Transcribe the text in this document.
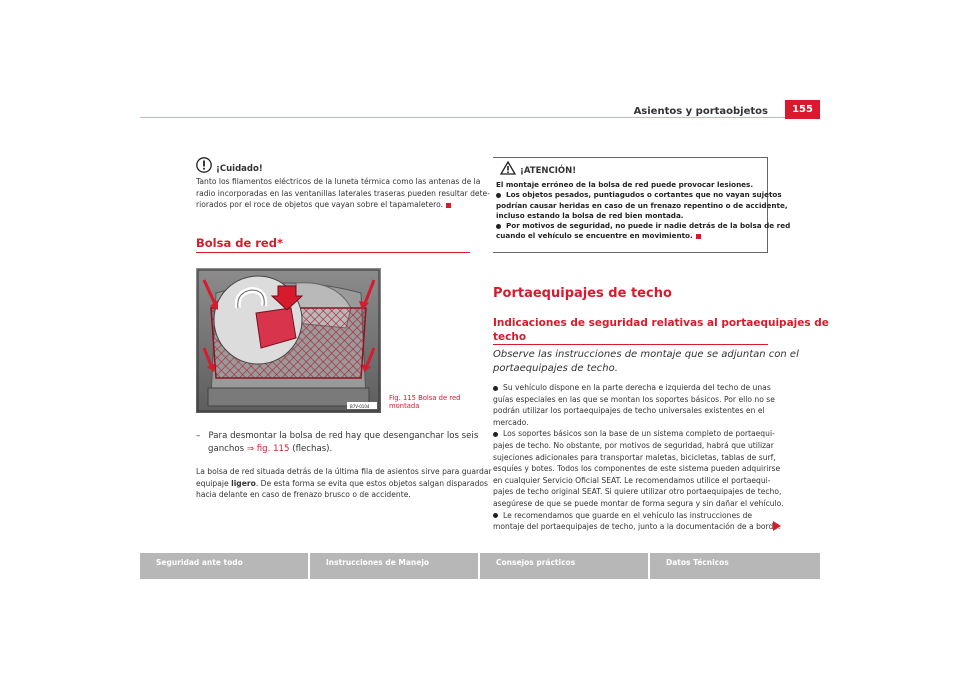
Asientos y portaobjetos	155
¡Cuidado!
Tanto los filamentos eléctricos de la luneta térmica como las antenas de la
radio incorporadas en las ventanillas laterales traseras pueden resultar dete-
riorados por el roce de objetos que vayan sobre el tapamaletero.
Bolsa de red*
B7V-0104
Fig. 115 Bolsa de red
montada
–   Para desmontar la bolsa de red hay que desenganchar los seis
ganchos ⇒ fig. 115 (flechas).
La bolsa de red situada detrás de la última fila de asientos sirve para guardar
equipaje ligero. De esta forma se evita que estos objetos salgan disparados
hacia delante en caso de frenazo brusco o de accidente.
¡ATENCIÓN!
El montaje erróneo de la bolsa de red puede provocar lesiones.
Los objetos pesados, puntiagudos o cortantes que no vayan sujetos
podrían causar heridas en caso de un frenazo repentino o de accidente,
incluso estando la bolsa de red bien montada.
Por motivos de seguridad, no puede ir nadie detrás de la bolsa de red
cuando el vehículo se encuentre en movimiento.
Portaequipajes de techo
Indicaciones de seguridad relativas al portaequipajes de
techo
Observe las instrucciones de montaje que se adjuntan con el
portaequipajes de techo.
Su vehículo dispone en la parte derecha e izquierda del techo de unas
guías especiales en las que se montan los soportes básicos. Por ello no se
podrán utilizar los portaequipajes de techo universales existentes en el
mercado.
Los soportes básicos son la base de un sistema completo de portaequi-
pajes de techo. No obstante, por motivos de seguridad, habrá que utilizar
sujeciones adicionales para transportar maletas, bicicletas, tablas de surf,
esquíes y botes. Todos los componentes de este sistema pueden adquirirse
en cualquier Servicio Oficial SEAT. Le recomendamos utilice el portaequi-
pajes de techo original SEAT. Si quiere utilizar otro portaequipajes de techo,
asegúrese de que se puede montar de forma segura y sin dañar el vehículo.
Le recomendamos que guarde en el vehículo las instrucciones de
montaje del portaequipajes de techo, junto a la documentación de a bordo.
Seguridad ante todo	Instrucciones de Manejo	Consejos prácticos	Datos Técnicos
